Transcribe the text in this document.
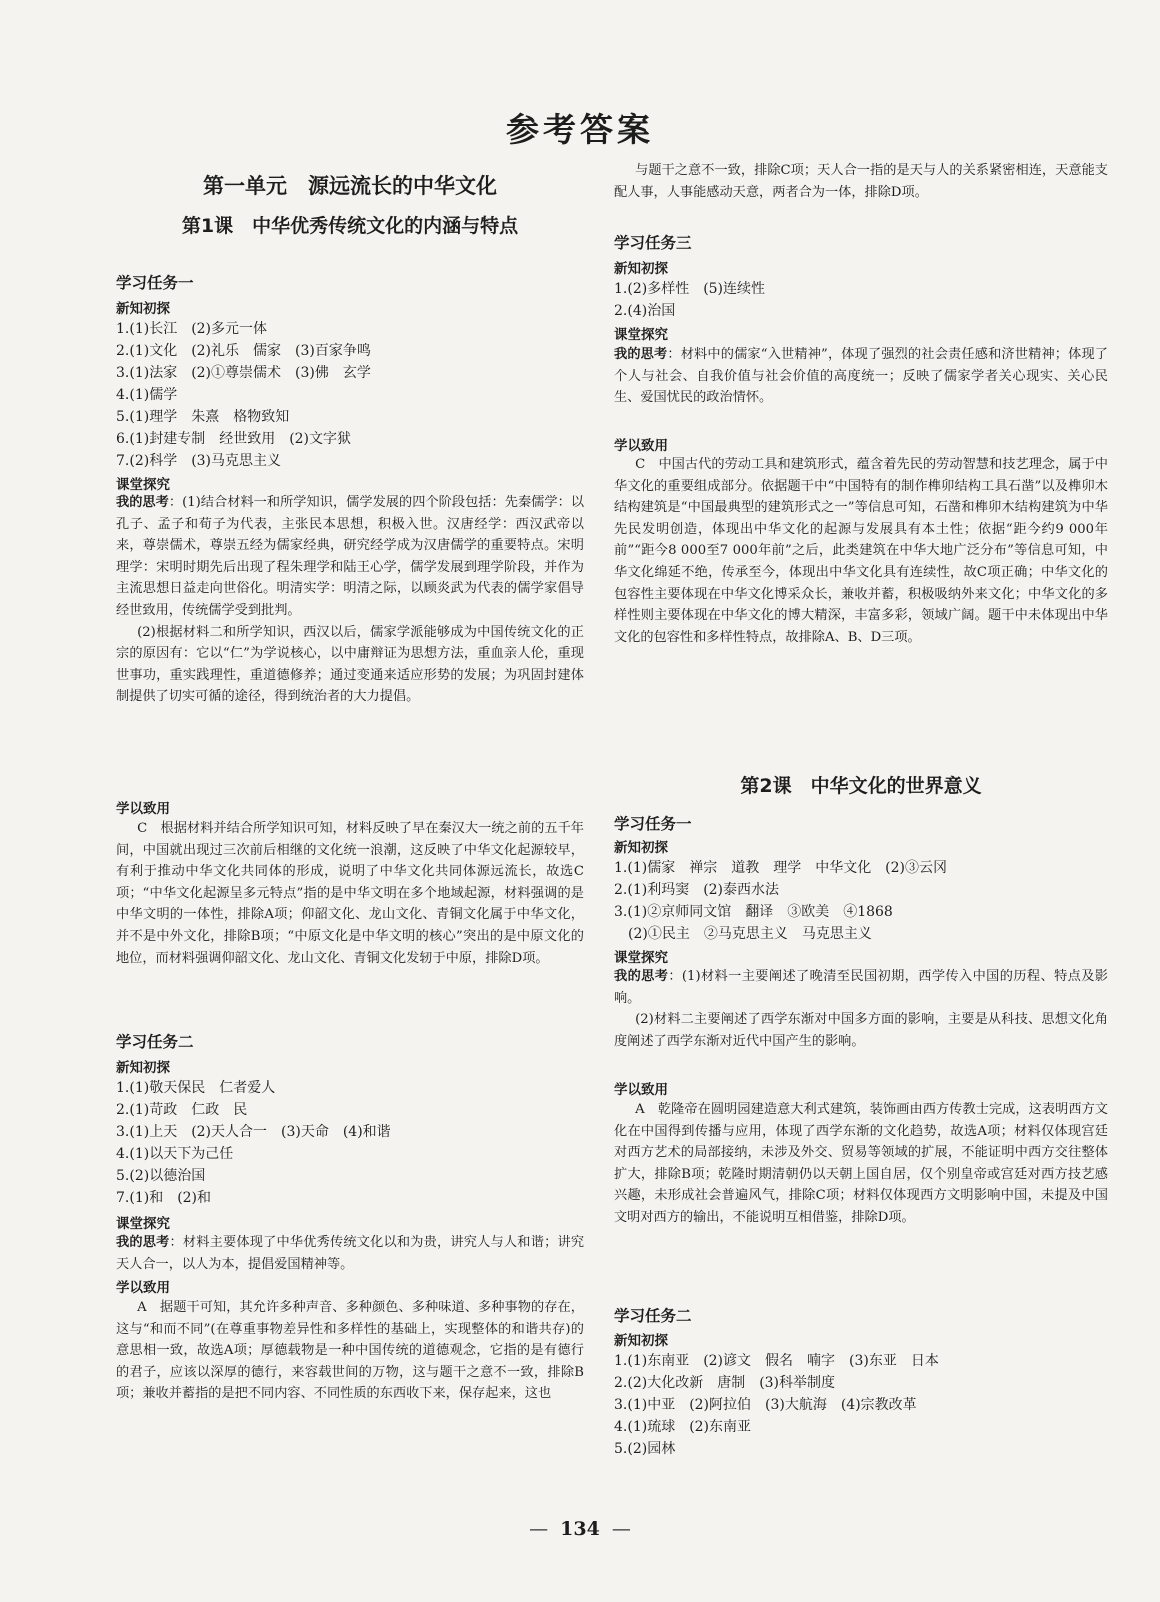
参考答案
第一单元　源远流长的中华文化
第1课　中华优秀传统文化的内涵与特点
学习任务一
新知初探
1.(1)长江　(2)多元一体
2.(1)文化　(2)礼乐　儒家　(3)百家争鸣
3.(1)法家　(2)①尊崇儒术　(3)佛　玄学
4.(1)儒学
5.(1)理学　朱熹　格物致知
6.(1)封建专制　经世致用　(2)文字狱
7.(2)科学　(3)马克思主义
课堂探究
我的思考：(1)结合材料一和所学知识，儒学发展的四个阶段包括：先秦儒学：以孔子、孟子和荀子为代表，主张民本思想，积极入世。汉唐经学：西汉武帝以来，尊崇儒术，尊崇五经为儒家经典，研究经学成为汉唐儒学的重要特点。宋明理学：宋明时期先后出现了程朱理学和陆王心学，儒学发展到理学阶段，并作为主流思想日益走向世俗化。明清实学：明清之际，以顾炎武为代表的儒学家倡导经世致用，传统儒学受到批判。
(2)根据材料二和所学知识，西汉以后，儒家学派能够成为中国传统文化的正宗的原因有：它以“仁”为学说核心，以中庸辩证为思想方法，重血亲人伦，重现世事功，重实践理性，重道德修养；通过变通来适应形势的发展；为巩固封建体制提供了切实可循的途径，得到统治者的大力提倡。
学以致用
C　根据材料并结合所学知识可知，材料反映了早在秦汉大一统之前的五千年间，中国就出现过三次前后相继的文化统一浪潮，这反映了中华文化起源较早，有利于推动中华文化共同体的形成，说明了中华文化共同体源远流长，故选C项；“中华文化起源呈多元特点”指的是中华文明在多个地域起源，材料强调的是中华文明的一体性，排除A项；仰韶文化、龙山文化、青铜文化属于中华文化，并不是中外文化，排除B项；“中原文化是中华文明的核心”突出的是中原文化的地位，而材料强调仰韶文化、龙山文化、青铜文化发轫于中原，排除D项。
学习任务二
新知初探
1.(1)敬天保民　仁者爱人
2.(1)苛政　仁政　民
3.(1)上天　(2)天人合一　(3)天命　(4)和谐
4.(1)以天下为己任
5.(2)以德治国
7.(1)和　(2)和
课堂探究
我的思考：材料主要体现了中华优秀传统文化以和为贵，讲究人与人和谐；讲究天人合一，以人为本，提倡爱国精神等。
学以致用
A　据题干可知，其允许多种声音、多种颜色、多种味道、多种事物的存在，这与“和而不同”(在尊重事物差异性和多样性的基础上，实现整体的和谐共存)的意思相一致，故选A项；厚德载物是一种中国传统的道德观念，它指的是有德行的君子，应该以深厚的德行，来容载世间的万物，这与题干之意不一致，排除B项；兼收并蓄指的是把不同内容、不同性质的东西收下来，保存起来，这也
与题干之意不一致，排除C项；天人合一指的是天与人的关系紧密相连，天意能支配人事，人事能感动天意，两者合为一体，排除D项。
学习任务三
新知初探
1.(2)多样性　(5)连续性
2.(4)治国
课堂探究
我的思考：材料中的儒家“入世精神”，体现了强烈的社会责任感和济世精神；体现了个人与社会、自我价值与社会价值的高度统一；反映了儒家学者关心现实、关心民生、爱国忧民的政治情怀。
学以致用
C　中国古代的劳动工具和建筑形式，蕴含着先民的劳动智慧和技艺理念，属于中华文化的重要组成部分。依据题干中“中国特有的制作榫卯结构工具石凿”以及榫卯木结构建筑是“中国最典型的建筑形式之一”等信息可知，石凿和榫卯木结构建筑为中华先民发明创造，体现出中华文化的起源与发展具有本土性；依据“距今约9 000年前”“距今8 000至7 000年前”之后，此类建筑在中华大地广泛分布”等信息可知，中华文化绵延不绝，传承至今，体现出中华文化具有连续性，故C项正确；中华文化的包容性主要体现在中华文化博采众长，兼收并蓄，积极吸纳外来文化；中华文化的多样性则主要体现在中华文化的博大精深，丰富多彩，领域广阔。题干中未体现出中华文化的包容性和多样性特点，故排除A、B、D三项。
第2课　中华文化的世界意义
学习任务一
新知初探
1.(1)儒家　禅宗　道教　理学　中华文化　(2)③云冈
2.(1)利玛窦　(2)泰西水法
3.(1)②京师同文馆　翻译　③欧美　④1868
　(2)①民主　②马克思主义　马克思主义
课堂探究
我的思考：(1)材料一主要阐述了晚清至民国初期，西学传入中国的历程、特点及影响。
(2)材料二主要阐述了西学东渐对中国多方面的影响，主要是从科技、思想文化角度阐述了西学东渐对近代中国产生的影响。
学以致用
A　乾隆帝在圆明园建造意大利式建筑，装饰画由西方传教士完成，这表明西方文化在中国得到传播与应用，体现了西学东渐的文化趋势，故选A项；材料仅体现宫廷对西方艺术的局部接纳，未涉及外交、贸易等领域的扩展，不能证明中西方交往整体扩大，排除B项；乾隆时期清朝仍以天朝上国自居，仅个别皇帝或宫廷对西方技艺感兴趣，未形成社会普遍风气，排除C项；材料仅体现西方文明影响中国，未提及中国文明对西方的输出，不能说明互相借鉴，排除D项。
学习任务二
新知初探
1.(1)东南亚　(2)谚文　假名　喃字　(3)东亚　日本
2.(2)大化改新　唐制　(3)科举制度
3.(1)中亚　(2)阿拉伯　(3)大航海　(4)宗教改革
4.(1)琉球　(2)东南亚
5.(2)园林
— 134 —
